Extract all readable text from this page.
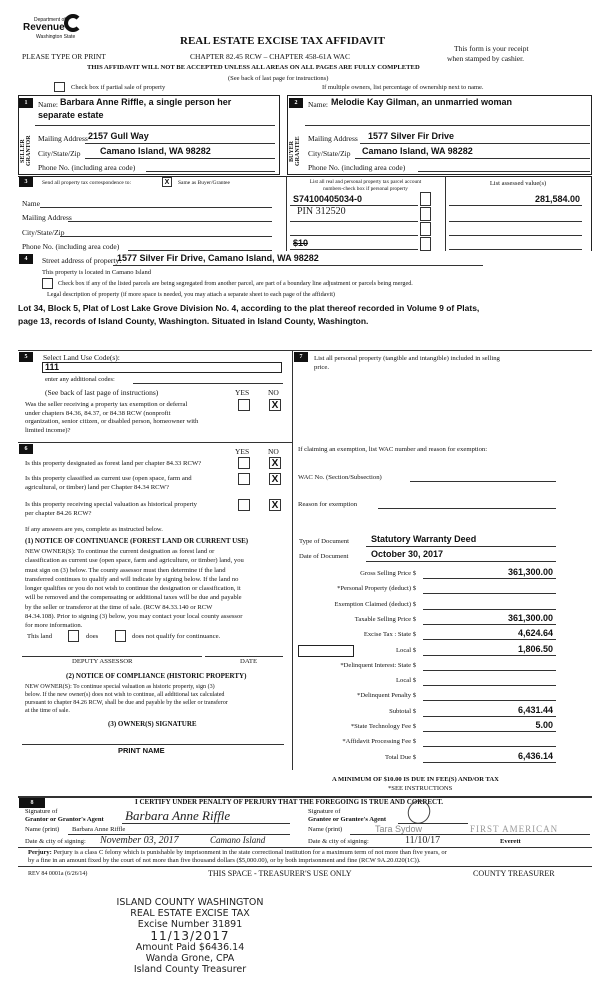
Department of
Revenue
Washington State	REAL ESTATE EXCISE TAX AFFIDAVIT
This form is your receipt
when stamped by cashier.
PLEASE TYPE OR PRINT	CHAPTER 82.45 RCW – CHAPTER 458-61A WAC
THIS AFFIDAVIT WILL NOT BE ACCEPTED UNLESS ALL AREAS ON ALL PAGES ARE FULLY COMPLETED
(See back of last page for instructions)
Check box if partial sale of property	If multiple owners, list percentage of ownership next to name.
1
SELLER GRANTOR
Name: Barbara Anne Riffle, a single person her
separate estate
Mailing Address 2157 Gull Way
City/State/Zip Camano Island, WA 98282
Phone No. (including area code)
2
BUYER GRANTEE
Name: Melodie Kay Gilman, an unmarried woman
Mailing Address 1577 Silver Fir Drive
City/State/Zip Camano Island, WA 98282
Phone No. (including area code)
3	Send all property tax correspondence to:	X	Same as Buyer/Grantee
Name
Mailing Address
City/State/Zip
Phone No. (including area code)
List all real and personal property tax parcel account
numbers-check box if personal property
List assessed value(s)
S74100405034-0
PIN 312520
$10
281,584.00
4	Street address of property:
1577 Silver Fir Drive, Camano Island, WA 98282
This property is located in Camano Island
Check box if any of the listed parcels are being segregated from another parcel, are part of a boundary line adjustment or parcels being merged.
Legal description of property (if more space is needed, you may attach a separate sheet to each page of the affidavit)
Lot 34, Block 5, Plat of Lost Lake Grove Division No. 4, according to the plat thereof recorded in Volume 9 of Plats,
page 13, records of Island County, Washington. Situated in Island County, Washington.
5	Select Land Use Code(s):
111
enter any additional codes:
(See back of last page of instructions)	YES	NO
Was the seller receiving a property tax exemption or deferral
under chapters 84.36, 84.37, or 84.38 RCW (nonprofit
organization, senior citizen, or disabled person, homeowner with
limited income)?
X
6	YES	NO
Is this property designated as forest land per chapter 84.33 RCW?	X
Is this property classified as current use (open space, farm and
agricultural, or timber) land per Chapter 84.34 RCW?
X
Is this property receiving special valuation as historical property
per chapter 84.26 RCW?
X
If any answers are yes, complete as instructed below.
(1) NOTICE OF CONTINUANCE (FOREST LAND OR CURRENT USE)
NEW OWNER(S): To continue the current designation as forest land or
classification as current use (open space, farm and agriculture, or timber) land, you
must sign on (3) below. The county assessor must then determine if the land
transferred continues to qualify and will indicate by signing below. If the land no
longer qualifies or you do not wish to continue the designation or classification, it
will be removed and the compensating or additional taxes will be due and payable
by the seller or transferor at the time of sale. (RCW 84.33.140 or RCW
84.34.108). Prior to signing (3) below, you may contact your local county assessor
for more information.
This land	does	does not qualify for continuance.
DEPUTY ASSESSOR	DATE
(2) NOTICE OF COMPLIANCE (HISTORIC PROPERTY)
NEW OWNER(S): To continue special valuation as historic property, sign (3)
below. If the new owner(s) does not wish to continue, all additional tax calculated
pursuant to chapter 84.26 RCW, shall be due and payable by the seller or transferor
at the time of sale.
(3) OWNER(S) SIGNATURE
PRINT NAME
7	List all personal property (tangible and intangible) included in selling
price.
If claiming an exemption, list WAC number and reason for exemption:
WAC No. (Section/Subsection)
Reason for exemption
Type of Document Statutory Warranty Deed
Date of Document	October 30, 2017
Gross Selling Price $	361,300.00
*Personal Property (deduct) $
Exemption Claimed (deduct) $
Taxable Selling Price $	361,300.00
Excise Tax : State $	4,624.64
Local $	1,806.50
*Delinquent Interest: State $
Local $
*Delinquent Penalty $
Subtotal $	6,431.44
*State Technology Fee $	5.00
*Affidavit Processing Fee $
Total Due $	6,436.14
A MINIMUM OF $10.00 IS DUE IN FEE(S) AND/OR TAX
*SEE INSTRUCTIONS
8	I CERTIFY UNDER PENALTY OF PERJURY THAT THE FOREGOING IS TRUE AND CORRECT.
Signature of
Grantor or Grantor's Agent Barbara Anne Riffle
Name (print) Barbara Anne Riffle
Signature of
Grantee or Grantee's Agent
Name (print)	Tara Sydow	FIRST AMERICAN
Date & city of signing: November 03, 2017	Camano Island	Date & city of signing:	11/10/17	Everett
Perjury: Perjury is a class C felony which is punishable by imprisonment in the state correctional institution for a maximum term of not more than five years, or
by a fine in an amount fixed by the court of not more than five thousand dollars ($5,000.00), or by both imprisonment and fine (RCW 9A.20.020(1C)).
REV 84 0001a (6/26/14)	THIS SPACE - TREASURER'S USE ONLY	COUNTY TREASURER
ISLAND COUNTY WASHINGTON
REAL ESTATE EXCISE TAX
Excise Number 31891
11/13/2017
Amount Paid $6436.14
Wanda Grone, CPA
Island County Treasurer
